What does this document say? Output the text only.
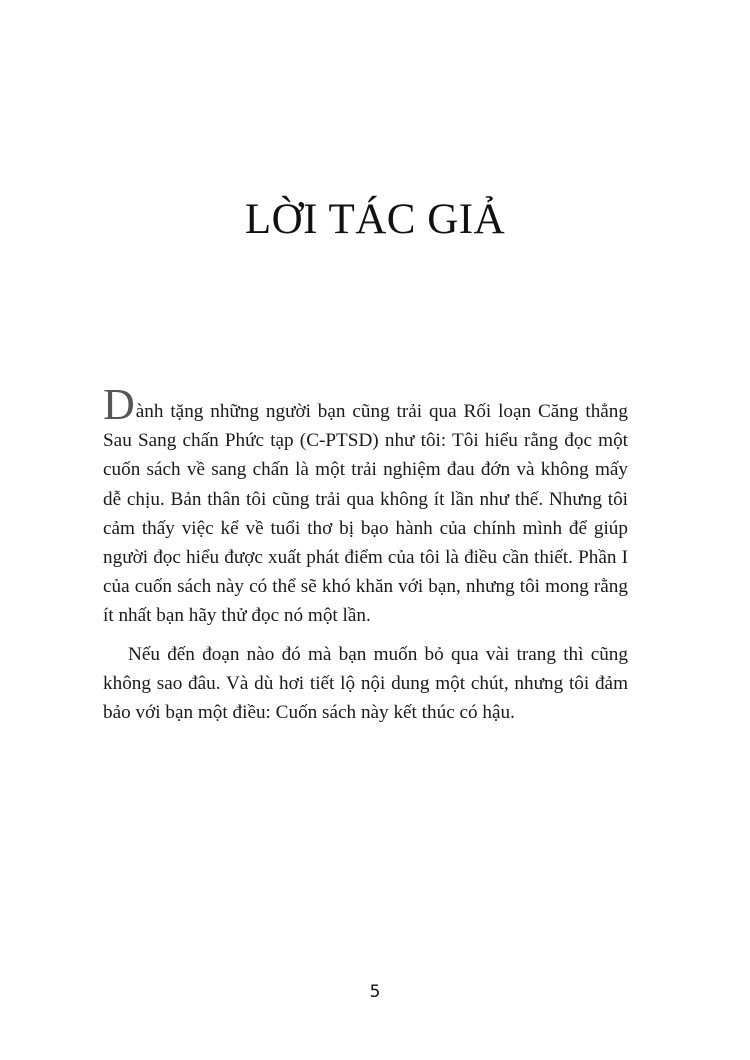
LỜI TÁC GIẢ

Dành tặng những người bạn cũng trải qua Rối loạn Căng thẳng Sau Sang chấn Phức tạp (C-PTSD) như tôi: Tôi hiểu rằng đọc một cuốn sách về sang chấn là một trải nghiệm đau đớn và không mấy dễ chịu. Bản thân tôi cũng trải qua không ít lần như thế. Nhưng tôi cảm thấy việc kể về tuổi thơ bị bạo hành của chính mình để giúp người đọc hiểu được xuất phát điểm của tôi là điều cần thiết. Phần I của cuốn sách này có thể sẽ khó khăn với bạn, nhưng tôi mong rằng ít nhất bạn hãy thử đọc nó một lần.

Nếu đến đoạn nào đó mà bạn muốn bỏ qua vài trang thì cũng không sao đâu. Và dù hơi tiết lộ nội dung một chút, nhưng tôi đảm bảo với bạn một điều: Cuốn sách này kết thúc có hậu.

5
